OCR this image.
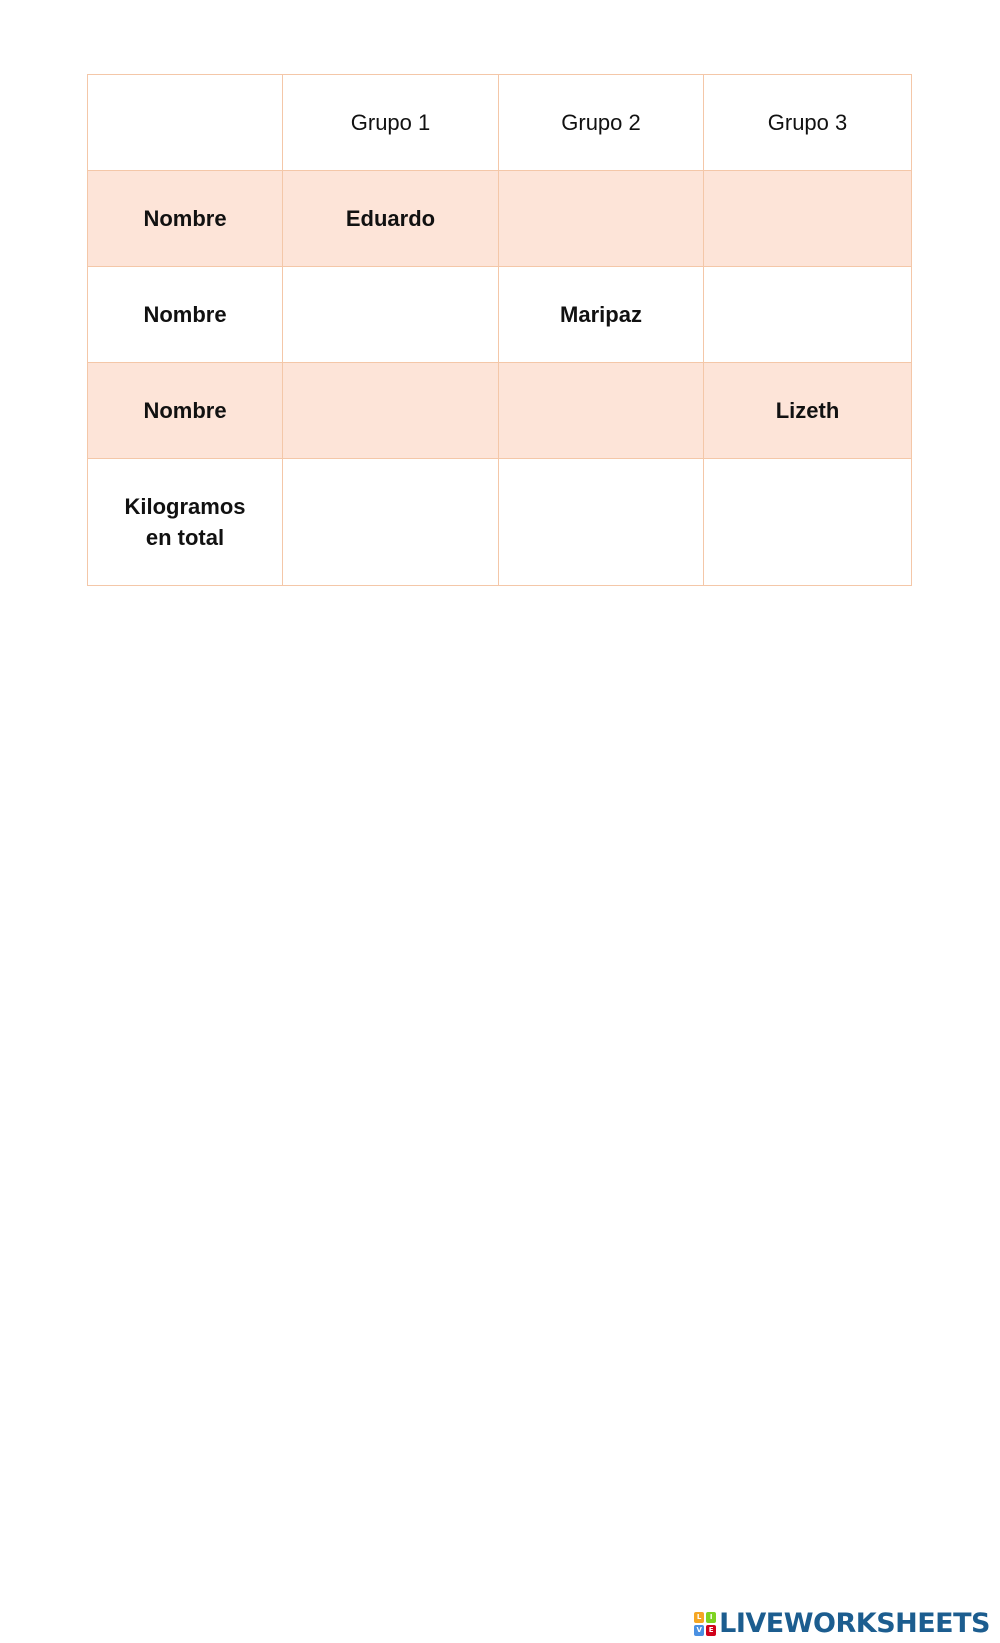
	Grupo 1	Grupo 2	Grupo 3
Nombre	Eduardo		
Nombre		Maripaz	
Nombre			Lizeth
Kilogramos
en total			
L	I
V E LIVEWORKSHEETS
